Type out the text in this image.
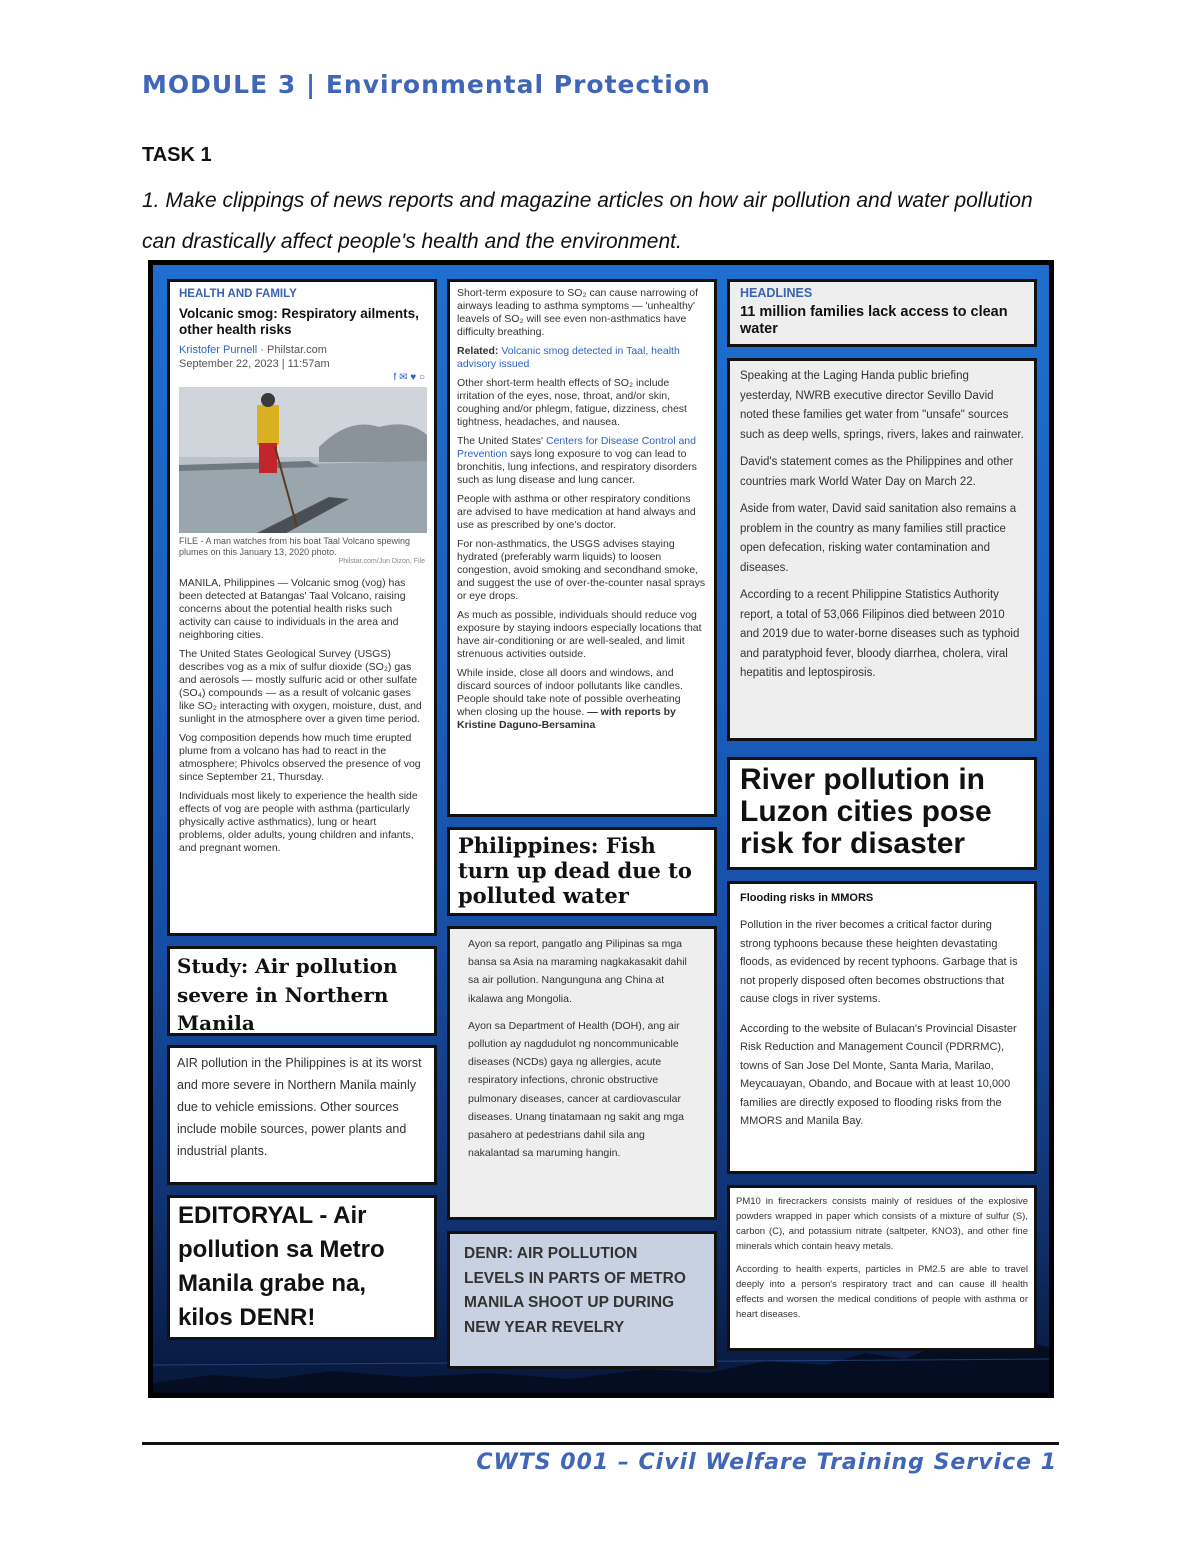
MODULE 3 | Environmental Protection
TASK 1
1. Make clippings of news reports and magazine articles on how air pollution and water pollution can drastically affect people's health and the environment.
HEALTH AND FAMILY
Volcanic smog: Respiratory ailments, other health risks
Kristofer Purnell · Philstar.com
September 22, 2023 | 11:57am
f ✉ ♥ ○
FILE - A man watches from his boat Taal Volcano spewing plumes on this January 13, 2020 photo.
Philstar.com/Jun Dizon, File

MANILA, Philippines — Volcanic smog (vog) has been detected at Batangas' Taal Volcano, raising concerns about the potential health risks such activity can cause to individuals in the area and neighboring cities.

The United States Geological Survey (USGS) describes vog as a mix of sulfur dioxide (SO₂) gas and aerosols — mostly sulfuric acid or other sulfate (SO₄) compounds — as a result of volcanic gases like SO₂ interacting with oxygen, moisture, dust, and sunlight in the atmosphere over a given time period.

Vog composition depends how much time erupted plume from a volcano has had to react in the atmosphere; Phivolcs observed the presence of vog since September 21, Thursday.

Individuals most likely to experience the health side effects of vog are people with asthma (particularly physically active asthmatics), lung or heart problems, older adults, young children and infants, and pregnant women.

Short-term exposure to SO₂ can cause narrowing of airways leading to asthma symptoms — 'unhealthy' leavels of SO₂ will see even non-asthmatics have difficulty breathing.

Related: Volcanic smog detected in Taal, health advisory issued

Other short-term health effects of SO₂ include irritation of the eyes, nose, throat, and/or skin, coughing and/or phlegm, fatigue, dizziness, chest tightness, headaches, and nausea.

The United States' Centers for Disease Control and Prevention says long exposure to vog can lead to bronchitis, lung infections, and respiratory disorders such as lung disease and lung cancer.

People with asthma or other respiratory conditions are advised to have medication at hand always and use as prescribed by one's doctor.

For non-asthmatics, the USGS advises staying hydrated (preferably warm liquids) to loosen congestion, avoid smoking and secondhand smoke, and suggest the use of over-the-counter nasal sprays or eye drops.

As much as possible, individuals should reduce vog exposure by staying indoors especially locations that have air-conditioning or are well-sealed, and limit strenuous activities outside.

While inside, close all doors and windows, and discard sources of indoor pollutants like candles. People should take note of possible overheating when closing up the house. — with reports by Kristine Daguno-Bersamina

HEADLINES
11 million families lack access to clean water

Speaking at the Laging Handa public briefing yesterday, NWRB executive director Sevillo David noted these families get water from "unsafe" sources such as deep wells, springs, rivers, lakes and rainwater.

David's statement comes as the Philippines and other countries mark World Water Day on March 22.

Aside from water, David said sanitation also remains a problem in the country as many families still practice open defecation, risking water contamination and diseases.

According to a recent Philippine Statistics Authority report, a total of 53,066 Filipinos died between 2010 and 2019 due to water-borne diseases such as typhoid and paratyphoid fever, bloody diarrhea, cholera, viral hepatitis and leptospirosis.

River pollution in Luzon cities pose risk for disaster
Flooding risks in MMORS

Pollution in the river becomes a critical factor during strong typhoons because these heighten devastating floods, as evidenced by recent typhoons. Garbage that is not properly disposed often becomes obstructions that cause clogs in river systems.

According to the website of Bulacan's Provincial Disaster Risk Reduction and Management Council (PDRRMC), towns of San Jose Del Monte, Santa Maria, Marilao, Meycauayan, Obando, and Bocaue with at least 10,000 families are directly exposed to flooding risks from the MMORS and Manila Bay.

PM10 in firecrackers consists mainly of residues of the explosive powders wrapped in paper which consists of a mixture of sulfur (S), carbon (C), and potassium nitrate (saltpeter, KNO3), and other fine minerals which contain heavy metals.

According to health experts, particles in PM2.5 are able to travel deeply into a person's respiratory tract and can cause ill health effects and worsen the medical conditions of people with asthma or heart diseases.

Philippines: Fish turn up dead due to polluted water

Ayon sa report, pangatlo ang Pilipinas sa mga bansa sa Asia na maraming nagkakasakit dahil sa air pollution. Nangunguna ang China at ikalawa ang Mongolia.

Ayon sa Department of Health (DOH), ang air pollution ay nagdudulot ng noncommunicable diseases (NCDs) gaya ng allergies, acute respiratory infections, chronic obstructive pulmonary diseases, cancer at cardiovascular diseases. Unang tinatamaan ng sakit ang mga pasahero at pedestrians dahil sila ang nakalantad sa maruming hangin.

DENR: AIR POLLUTION LEVELS IN PARTS OF METRO MANILA SHOOT UP DURING NEW YEAR REVELRY
Study: Air pollution severe in Northern Manila
AIR pollution in the Philippines is at its worst and more severe in Northern Manila mainly due to vehicle emissions. Other sources include mobile sources, power plants and industrial plants.
EDITORYAL - Air pollution sa Metro Manila grabe na, kilos DENR!
CWTS 001 – Civil Welfare Training Service 1
